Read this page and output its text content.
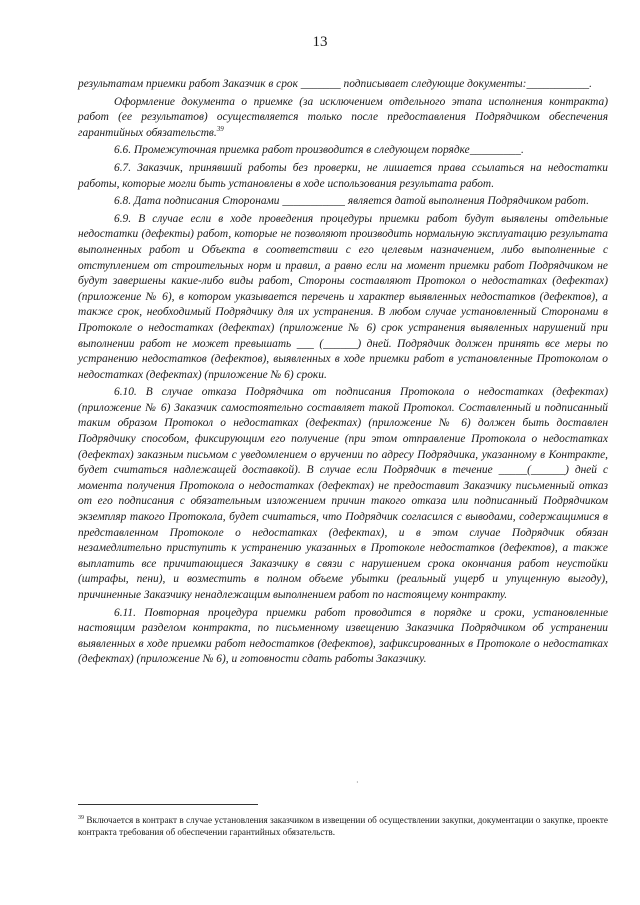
13

результатам приемки работ Заказчик в срок _______ подписывает следующие документы:___________.

Оформление документа о приемке (за исключением отдельного этапа исполнения контракта) работ (ее результатов) осуществляется только после предоставления Подрядчиком обеспечения гарантийных обязательств.$^{39}$

6.6. Промежуточная приемка работ производится в следующем порядке_________.

6.7. Заказчик, принявший работы без проверки, не лишается права ссылаться на недостатки работы, которые могли быть установлены в ходе использования результата работ.

6.8. Дата подписания Сторонами ___________ является датой выполнения Подрядчиком работ.

6.9. В случае если в ходе проведения процедуры приемки работ будут выявлены отдельные недостатки (дефекты) работ, которые не позволяют производить нормальную эксплуатацию результата выполненных работ и Объекта в соответствии с его целевым назначением, либо выполненные с отступлением от строительных норм и правил, а равно если на момент приемки работ Подрядчиком не будут завершены какие-либо виды работ, Стороны составляют Протокол о недостатках (дефектах) (приложение № 6), в котором указывается перечень и характер выявленных недостатков (дефектов), а также срок, необходимый Подрядчику для их устранения. В любом случае установленный Сторонами в Протоколе о недостатках (дефектах) (приложение № 6) срок устранения выявленных нарушений при выполнении работ не может превышать ___ (______) дней. Подрядчик должен принять все меры по устранению недостатков (дефектов), выявленных в ходе приемки работ в установленные Протоколом о недостатках (дефектах) (приложение № 6) сроки.

6.10. В случае отказа Подрядчика от подписания Протокола о недостатках (дефектах) (приложение № 6) Заказчик самостоятельно составляет такой Протокол. Составленный и подписанный таким образом Протокол о недостатках (дефектах) (приложение № 6) должен быть доставлен Подрядчику способом, фиксирующим его получение (при этом отправление Протокола о недостатках (дефектах) заказным письмом с уведомлением о вручении по адресу Подрядчика, указанному в Контракте, будет считаться надлежащей доставкой). В случае если Подрядчик в течение _____(______) дней с момента получения Протокола о недостатках (дефектах) не предоставит Заказчику письменный отказ от его подписания с обязательным изложением причин такого отказа или подписанный Подрядчиком экземпляр такого Протокола, будет считаться, что Подрядчик согласился с выводами, содержащимися в представленном Протоколе о недостатках (дефектах), и в этом случае Подрядчик обязан незамедлительно приступить к устранению указанных в Протоколе недостатков (дефектов), а также выплатить все причитающиеся Заказчику в связи с нарушением срока окончания работ неустойки (штрафы, пени), и возместить в полном объеме убытки (реальный ущерб и упущенную выгоду), причиненные Заказчику ненадлежащим выполнением работ по настоящему контракту.

6.11. Повторная процедура приемки работ проводится в порядке и сроки, установленные настоящим разделом контракта, по письменному извещению Заказчика Подрядчиком об устранении выявленных в ходе приемки работ недостатков (дефектов), зафиксированных в Протоколе о недостатках (дефектах) (приложение № 6), и готовности сдать работы Заказчику.

·
$^{39}$ Включается в контракт в случае установления заказчиком в извещении об осуществлении закупки, документации о закупке, проекте контракта требования об обеспечении гарантийных обязательств.
